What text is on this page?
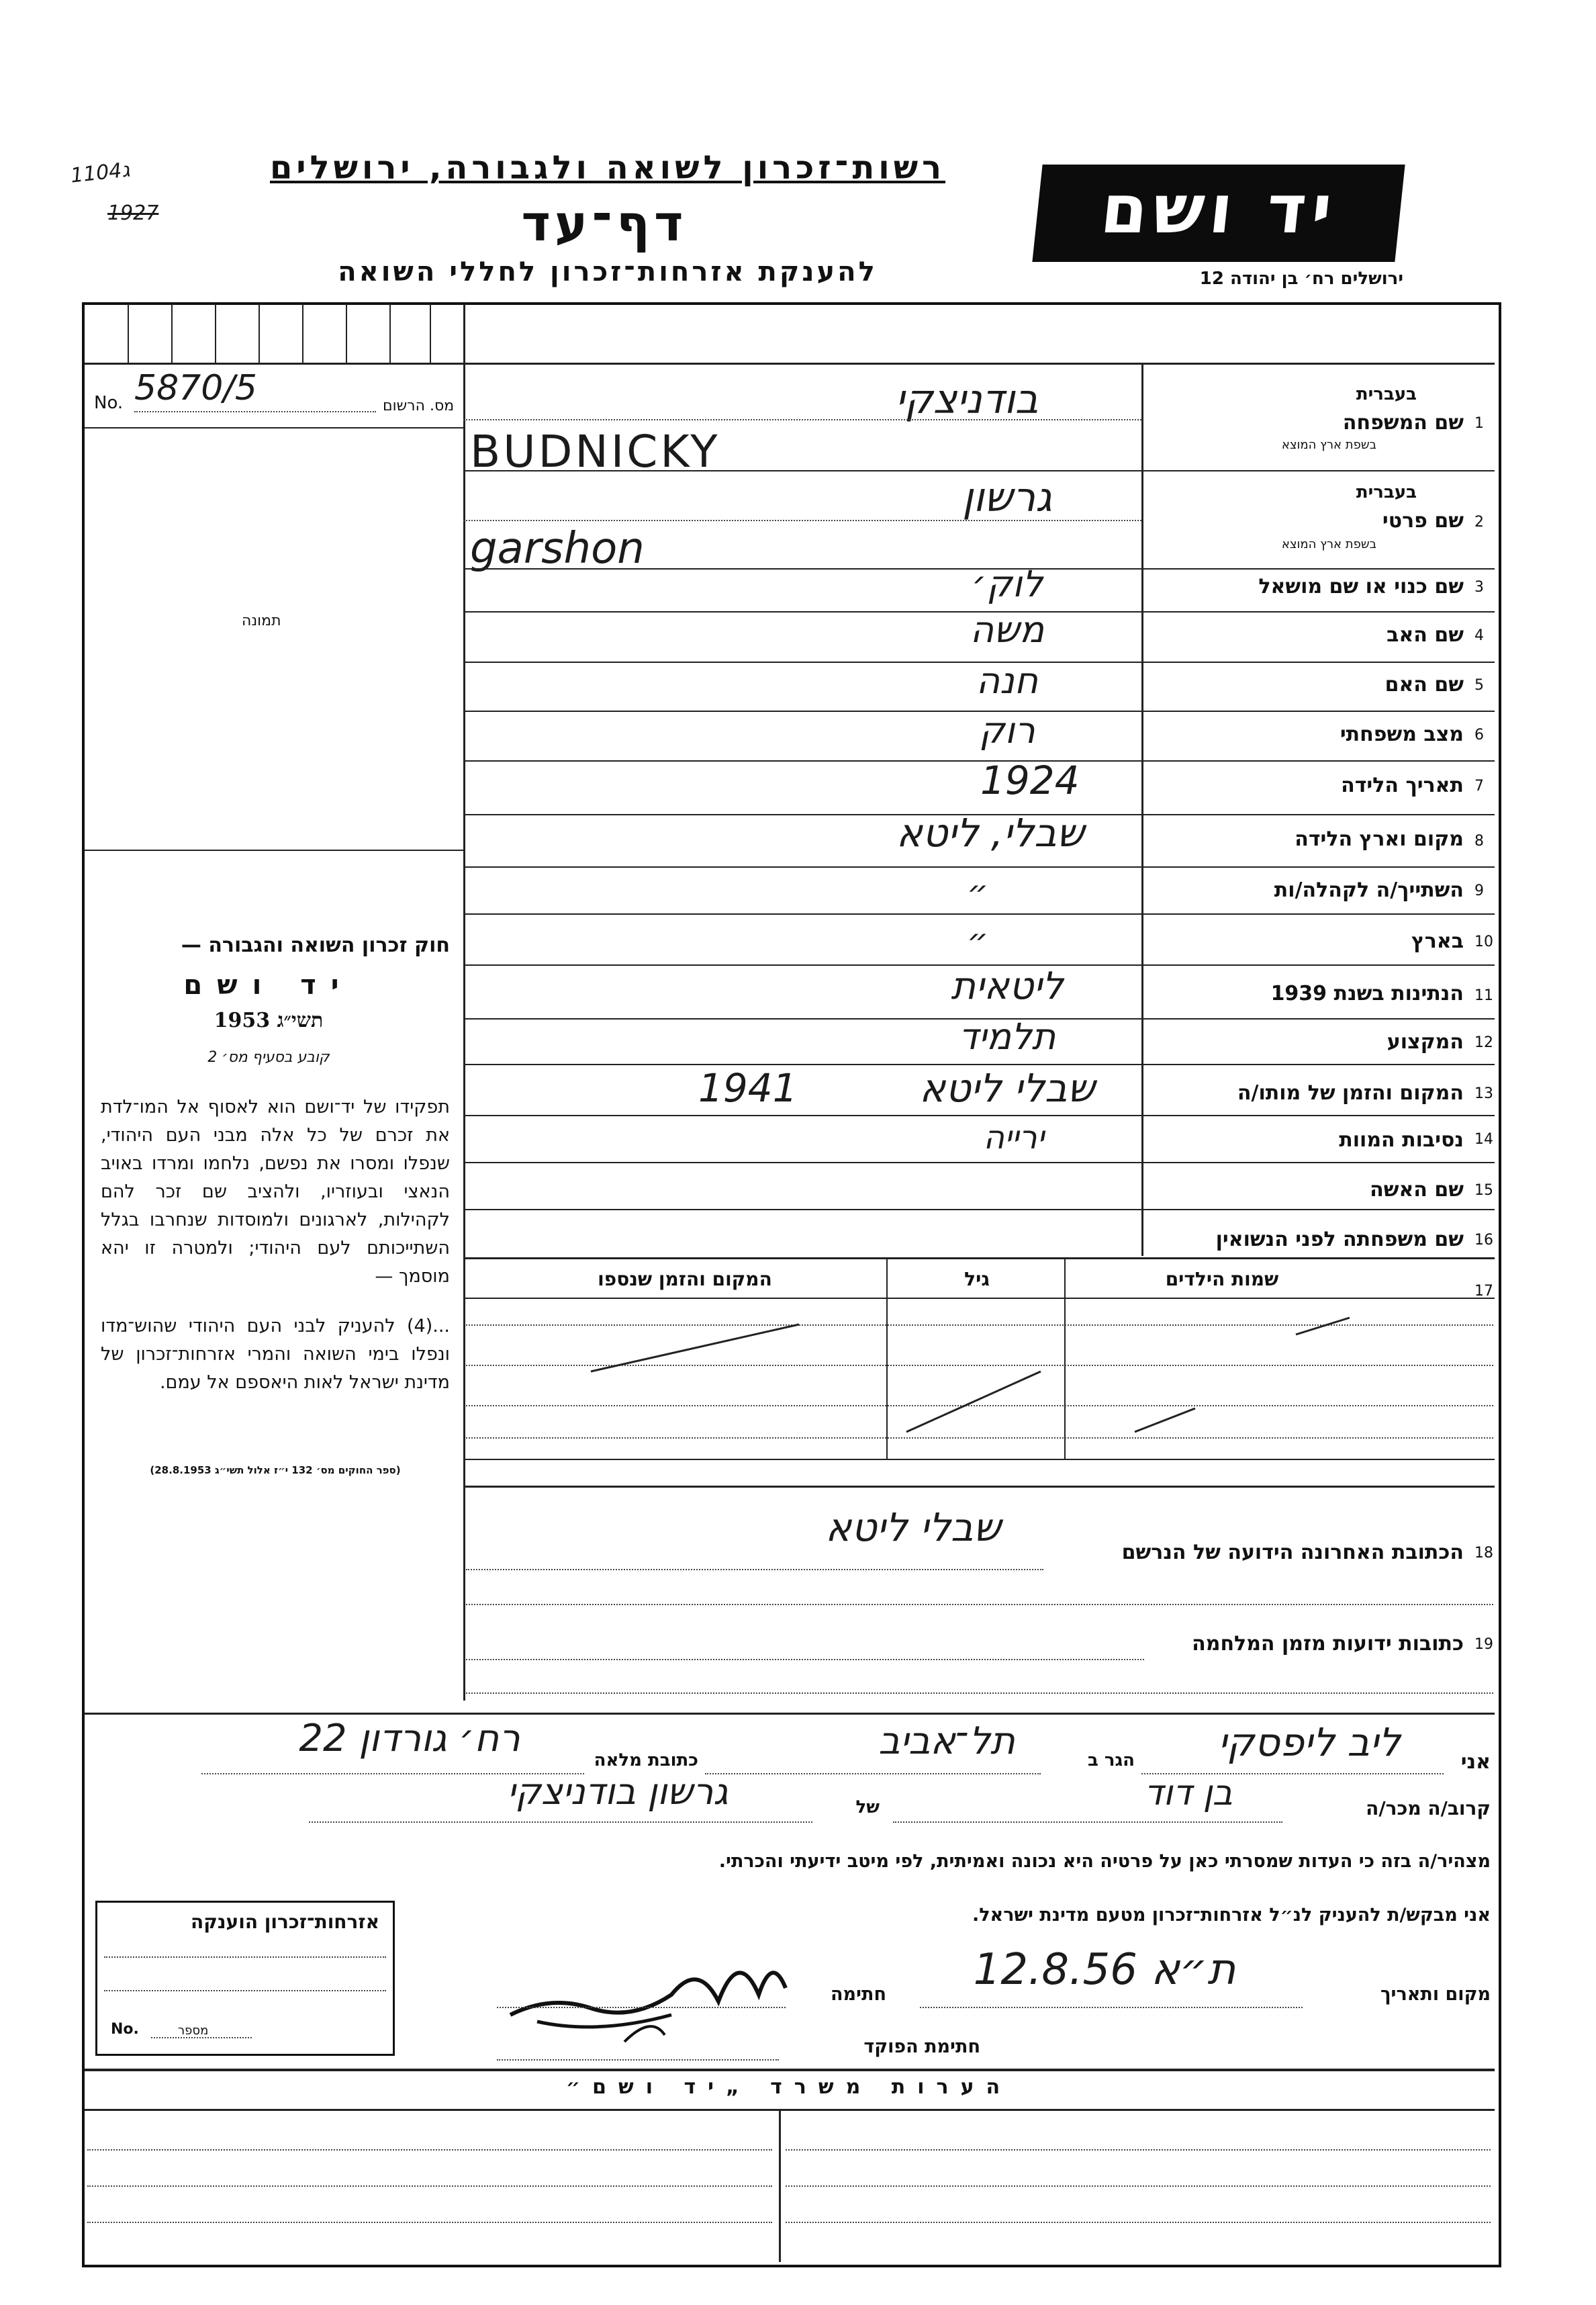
1104ג
1927
רשות־זכרון לשואה ולגבורה, ירושלים
דף־עד
להענקת אזרחות־זכרון לחללי השואה
יד ושם
ירושלים רח׳ בן יהודה 12
No. 5870/5	מס. הרשום
תמונה
שם המשפחה
בעברית
בשפת ארץ המוצא
1
בודניצקי
BUDNICKY
שם פרטי
בעברית
בשפת ארץ המוצא
2
גרשון
garshon
3
שם כנוי או שם מושאל
לוק׳
4
שם האב
משה
5
שם האם
חנה
6
מצב משפחתי
רוק
7
תאריך הלידה
1924
8
מקום וארץ הלידה
שבלי, ליטא
9
השתייך/ה לקהלה/ות
״
10
בארץ
״
11
הנתינות בשנת 1939
ליטאית
12
המקצוע
תלמיד
13
המקום והזמן של מותו/ה
שבלי ליטא
1941
14
נסיבות המוות
ירייה
15
שם האשה
16
שם משפחתה לפני הנשואין
חוק זכרון השואה והגבורה —
יד ושם
תשי״ג 1953
קובע בסעיף מס׳ 2
תפקידו של יד־ושם הוא לאסוף אל המו־לדת את זכרם של כל אלה מבני העם היהודי, שנפלו ומסרו את נפשם, נלחמו ומרדו באויב הנאצי ובעוזריו, ולהציב שם זכר להם לקהילות, לארגונים ולמוסדות שנחרבו בגלל השתייכותם לעם היהודי; ולמטרה זו יהא מוסמך —
...(4) להעניק לבני העם היהודי שהוש־מדו ונפלו בימי השואה והמרי אזרחות־זכרון של מדינת ישראל לאות היאספם אל עמם.
(ספר החוקים מס׳ 132 י״ז אלול תשי״ג 28.8.1953)
17
שמות הילדים
גיל
המקום והזמן שנספו
18
הכתובת האחרונה הידועה של הנרשם
שבלי ליטא
19
כתובות ידועות מזמן המלחמה
אני
ליב ליפסקי
הגר ב
תל־אביב
כתובת מלאה
רח׳ גורדון 22
קרוב/ה מכר/ה
בן דוד
של
גרשון בודניצקי
מצהיר/ה בזה כי העדות שמסרתי כאן על פרטיה היא נכונה ואמיתית, לפי מיטב ידיעתי והכרתי.
אני מבקש/ת להעניק לנ״ל אזרחות־זכרון מטעם מדינת ישראל.
מקום ותאריך
ת״א 12.8.56
חתימה
חתימת הפוקד
אזרחות־זכרון הוענקה
No.	מספר
הערות משרד „יד ושם״
